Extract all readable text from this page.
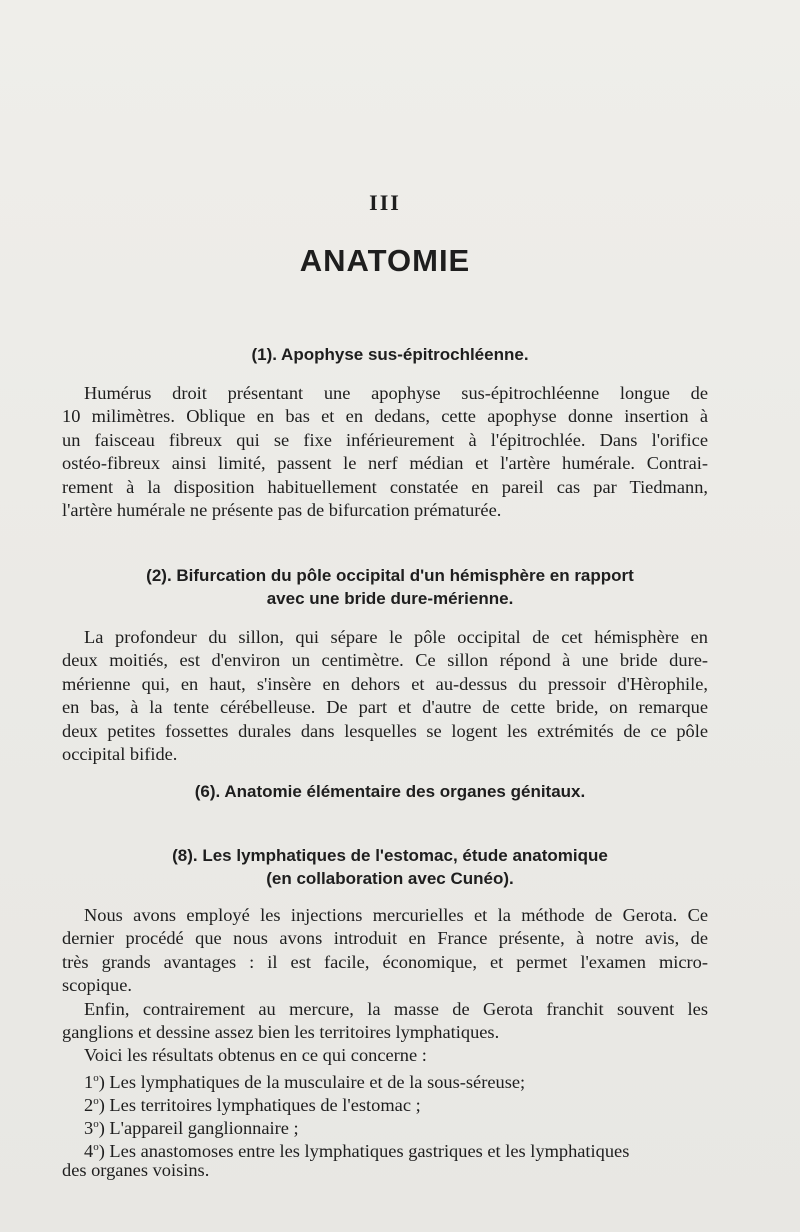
III
ANATOMIE
(1). Apophyse sus-épitrochléenne.
Humérus droit présentant une apophyse sus-épitrochléenne longue de
10 milimètres. Oblique en bas et en dedans, cette apophyse donne insertion à
un faisceau fibreux qui se fixe inférieurement à l'épitrochlée. Dans l'orifice
ostéo-fibreux ainsi limité, passent le nerf médian et l'artère humérale. Contrai-
rement à la disposition habituellement constatée en pareil cas par Tiedmann,
l'artère humérale ne présente pas de bifurcation prématurée.
(2). Bifurcation du pôle occipital d'un hémisphère en rapport
avec une bride dure-mérienne.
La profondeur du sillon, qui sépare le pôle occipital de cet hémisphère en
deux moitiés, est d'environ un centimètre. Ce sillon répond à une bride dure-
mérienne qui, en haut, s'insère en dehors et au-dessus du pressoir d'Hèrophile,
en bas, à la tente cérébelleuse. De part et d'autre de cette bride, on remarque
deux petites fossettes durales dans lesquelles se logent les extrémités de ce pôle
occipital bifide.
(6). Anatomie élémentaire des organes génitaux.
(8). Les lymphatiques de l'estomac, étude anatomique
(en collaboration avec Cunéo).
Nous avons employé les injections mercurielles et la méthode de Gerota. Ce
dernier procédé que nous avons introduit en France présente, à notre avis, de
très grands avantages : il est facile, économique, et permet l'examen micro-
scopique.
Enfin, contrairement au mercure, la masse de Gerota franchit souvent les
ganglions et dessine assez bien les territoires lymphatiques.
Voici les résultats obtenus en ce qui concerne :
1$^o$) Les lymphatiques de la musculaire et de la sous-séreuse;
2$^o$) Les territoires lymphatiques de l'estomac ;
3$^o$) L'appareil ganglionnaire ;
4$^o$) Les anastomoses entre les lymphatiques gastriques et les lymphatiques
des organes voisins.
